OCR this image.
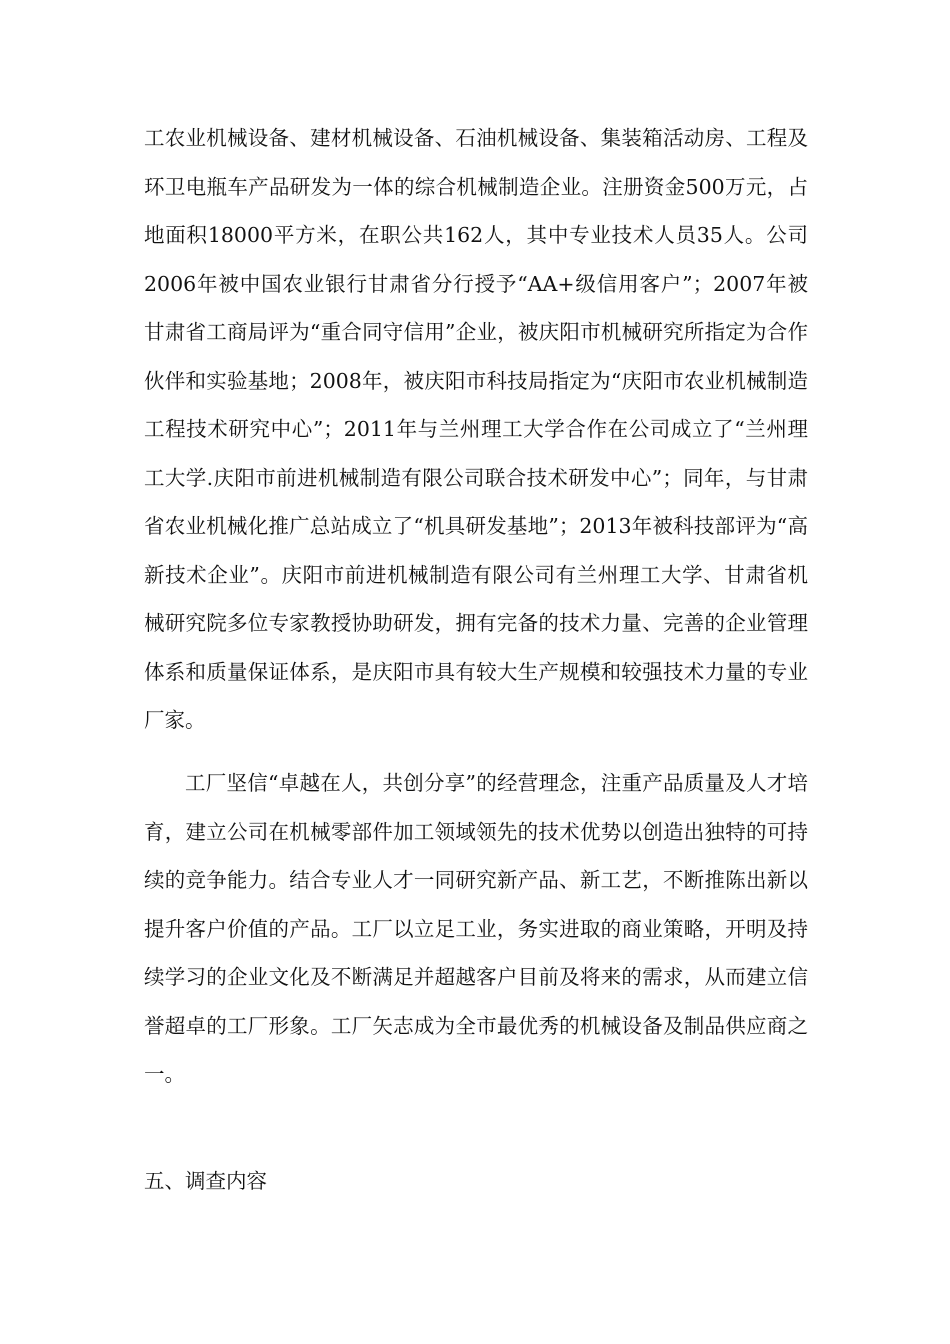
工农业机械设备、建材机械设备、石油机械设备、集装箱活动房、工程及环卫电瓶车产品研发为一体的综合机械制造企业。注册资金500万元，占地面积18000平方米，在职公共162人，其中专业技术人员35人。公司2006年被中国农业银行甘肃省分行授予“AA+级信用客户”；2007年被甘肃省工商局评为“重合同守信用”企业，被庆阳市机械研究所指定为合作伙伴和实验基地；2008年，被庆阳市科技局指定为“庆阳市农业机械制造工程技术研究中心”；2011年与兰州理工大学合作在公司成立了“兰州理工大学.庆阳市前进机械制造有限公司联合技术研发中心”；同年，与甘肃省农业机械化推广总站成立了“机具研发基地”；2013年被科技部评为“高新技术企业”。庆阳市前进机械制造有限公司有兰州理工大学、甘肃省机械研究院多位专家教授协助研发，拥有完备的技术力量、完善的企业管理体系和质量保证体系，是庆阳市具有较大生产规模和较强技术力量的专业厂家。

工厂坚信“卓越在人，共创分享”的经营理念，注重产品质量及人才培育，建立公司在机械零部件加工领域领先的技术优势以创造出独特的可持续的竞争能力。结合专业人才一同研究新产品、新工艺，不断推陈出新以提升客户价值的产品。工厂以立足工业，务实进取的商业策略，开明及持续学习的企业文化及不断满足并超越客户目前及将来的需求，从而建立信誉超卓的工厂形象。工厂矢志成为全市最优秀的机械设备及制品供应商之一。

五、调查内容
